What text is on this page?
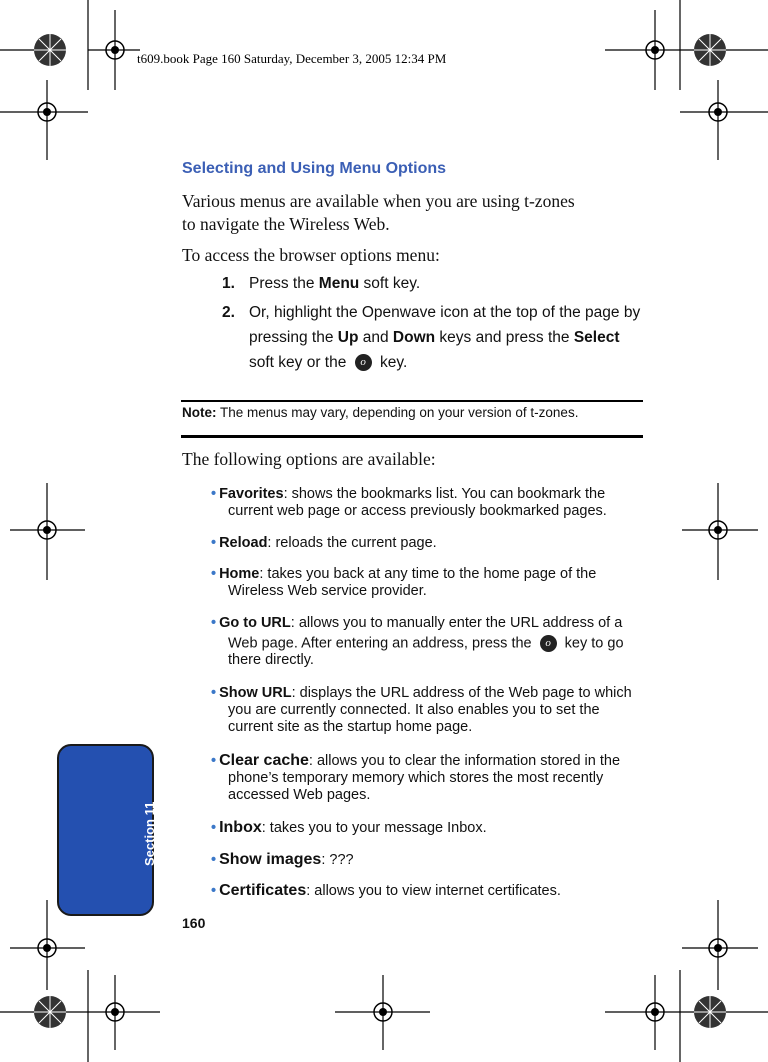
t609.book Page 160 Saturday, December 3, 2005 12:34 PM
Selecting and Using Menu Options
Various menus are available when you are using t-zones
to navigate the Wireless Web.
To access the browser options menu:
1. Press the Menu soft key.
2. Or, highlight the Openwave icon at the top of the page by
pressing the Up and Down keys and press the Select
soft key or the o key.
Note: The menus may vary, depending on your version of t-zones.
The following options are available:
• Favorites: shows the bookmarks list. You can bookmark the
current web page or access previously bookmarked pages.
• Reload: reloads the current page.
• Home: takes you back at any time to the home page of the
Wireless Web service provider.
• Go to URL: allows you to manually enter the URL address of a
Web page. After entering an address, press the o key to go
there directly.
• Show URL: displays the URL address of the Web page to which
you are currently connected. It also enables you to set the
current site as the startup home page.
• Clear cache: allows you to clear the information stored in the
phone’s temporary memory which stores the most recently
accessed Web pages.
• Inbox: takes you to your message Inbox.
• Show images: ???
• Certificates: allows you to view internet certificates.
Section 11
160
